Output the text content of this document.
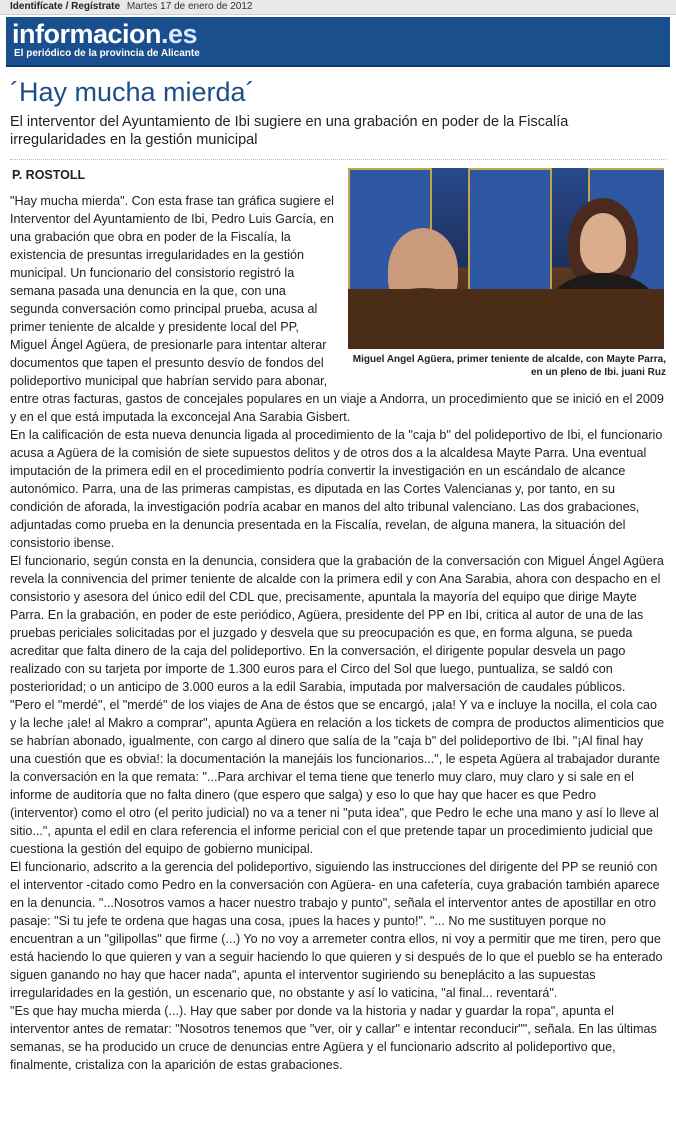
Identifícate / Regístrate Martes 17 de enero de 2012
informacion.es
El periódico de la provincia de Alicante
´Hay mucha mierda´
El interventor del Ayuntamiento de Ibi sugiere en una grabación en poder de la Fiscalía irregularidades en la gestión municipal
P. ROSTOLL
Miguel Angel Agüera, primer teniente de alcalde, con Mayte Parra, en un pleno de Ibi. juani Ruz

"Hay mucha mierda". Con esta frase tan gráfica sugiere el Interventor del Ayuntamiento de Ibi, Pedro Luis García, en una grabación que obra en poder de la Fiscalía, la existencia de presuntas irregularidades en la gestión municipal. Un funcionario del consistorio registró la semana pasada una denuncia en la que, con una segunda conversación como principal prueba, acusa al primer teniente de alcalde y presidente local del PP, Miguel Ángel Agüera, de presionarle para intentar alterar documentos que tapen el presunto desvío de fondos del polideportivo municipal que habrían servido para abonar, entre otras facturas, gastos de concejales populares en un viaje a Andorra, un procedimiento que se inició en el 2009 y en el que está imputada la exconcejal Ana Sarabia Gisbert.

En la calificación de esta nueva denuncia ligada al procedimiento de la "caja b" del polideportivo de Ibi, el funcionario acusa a Agüera de la comisión de siete supuestos delitos y de otros dos a la alcaldesa Mayte Parra. Una eventual imputación de la primera edil en el procedimiento podría convertir la investigación en un escándalo de alcance autonómico. Parra, una de las primeras campistas, es diputada en las Cortes Valencianas y, por tanto, en su condición de aforada, la investigación podría acabar en manos del alto tribunal valenciano. Las dos grabaciones, adjuntadas como prueba en la denuncia presentada en la Fiscalía, revelan, de alguna manera, la situación del consistorio ibense.

El funcionario, según consta en la denuncia, considera que la grabación de la conversación con Miguel Ángel Agüera revela la connivencia del primer teniente de alcalde con la primera edil y con Ana Sarabia, ahora con despacho en el consistorio y asesora del único edil del CDL que, precisamente, apuntala la mayoría del equipo que dirige Mayte Parra. En la grabación, en poder de este periódico, Agüera, presidente del PP en Ibi, critica al autor de una de las pruebas periciales solicitadas por el juzgado y desvela que su preocupación es que, en forma alguna, se pueda acreditar que falta dinero de la caja del polideportivo. En la conversación, el dirigente popular desvela un pago realizado con su tarjeta por importe de 1.300 euros para el Circo del Sol que luego, puntualiza, se saldó con posterioridad; o un anticipo de 3.000 euros a la edil Sarabia, imputada por malversación de caudales públicos.

"Pero el "merdé", el "merdé" de los viajes de Ana de éstos que se encargó, ¡ala! Y va e incluye la nocilla, el cola cao y la leche ¡ale! al Makro a comprar", apunta Agüera en relación a los tickets de compra de productos alimenticios que se habrían abonado, igualmente, con cargo al dinero que salía de la "caja b" del polideportivo de Ibi. "¡Al final hay una cuestión que es obvia!: la documentación la manejáis los funcionarios...", le espeta Agüera al trabajador durante la conversación en la que remata: "...Para archivar el tema tiene que tenerlo muy claro, muy claro y si sale en el informe de auditoría que no falta dinero (que espero que salga) y eso lo que hay que hacer es que Pedro (interventor) como el otro (el perito judicial) no va a tener ni "puta idea", que Pedro le eche una mano y así lo lleve al sitio...", apunta el edil en clara referencia el informe pericial con el que pretende tapar un procedimiento judicial que cuestiona la gestión del equipo de gobierno municipal.

El funcionario, adscrito a la gerencia del polideportivo, siguiendo las instrucciones del dirigente del PP se reunió con el interventor -citado como Pedro en la conversación con Agüera- en una cafetería, cuya grabación también aparece en la denuncia. "...Nosotros vamos a hacer nuestro trabajo y punto", señala el interventor antes de apostillar en otro pasaje: "Si tu jefe te ordena que hagas una cosa, ¡pues la haces y punto!". "... No me sustituyen porque no encuentran a un "gilipollas" que firme (...) Yo no voy a arremeter contra ellos, ni voy a permitir que me tiren, pero que está haciendo lo que quieren y van a seguir haciendo lo que quieren y si después de lo que el pueblo se ha enterado siguen ganando no hay que hacer nada", apunta el interventor sugiriendo su beneplácito a las supuestas irregularidades en la gestión, un escenario que, no obstante y así lo vaticina, "al final... reventará".

"Es que hay mucha mierda (...). Hay que saber por donde va la historia y nadar y guardar la ropa", apunta el interventor antes de rematar: "Nosotros tenemos que "ver, oir y callar" e intentar reconducir"", señala. En las últimas semanas, se ha producido un cruce de denuncias entre Agüera y el funcionario adscrito al polideportivo que, finalmente, cristaliza con la aparición de estas grabaciones.
